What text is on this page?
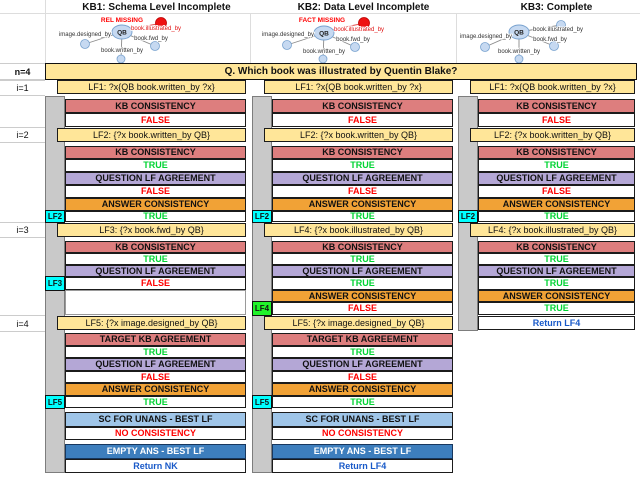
KB1: Schema Level Incomplete	KB2: Data Level Incomplete	KB3: Complete
QB
REL MISSING
book.illustrated_by
image.designed_by
book.fwd_by
book.written_by
QB
FACT MISSING
book.illustrated_by
image.designed_by
book.fwd_by
book.written_by
QB book.illustrated_by
book.fwd_by
book.written_by
image.designed_by
Q. Which book was illustrated by Quentin Blake?
n=4
i=1
i=2
i=3
i=4
LF1: ?x{QB book.written_by ?x}
KB CONSISTENCY
FALSE
LF2: {?x book.written_by QB}
KB CONSISTENCY
TRUE
QUESTION LF AGREEMENT
FALSE
ANSWER CONSISTENCY
TRUE
LF2
LF3: {?x book.fwd_by QB}
KB CONSISTENCY
TRUE
QUESTION LF AGREEMENT
FALSE
LF3
LF5: {?x image.designed_by QB}
TARGET KB AGREEMENT
TRUE
QUESTION LF AGREEMENT
FALSE
ANSWER CONSISTENCY
TRUE
LF5
SC FOR UNANS - BEST LF
NO CONSISTENCY
EMPTY ANS - BEST LF
Return NK
LF1: ?x{QB book.written_by ?x}
KB CONSISTENCY
FALSE
LF2: {?x book.written_by QB}
KB CONSISTENCY
TRUE
QUESTION LF AGREEMENT
FALSE
ANSWER CONSISTENCY
TRUE
LF2
LF4: {?x book.illustrated_by QB}
KB CONSISTENCY
TRUE
QUESTION LF AGREEMENT
TRUE
ANSWER CONSISTENCY
FALSE
LF4
LF5: {?x image.designed_by QB}
TARGET KB AGREEMENT
TRUE
QUESTION LF AGREEMENT
FALSE
ANSWER CONSISTENCY
TRUE
LF5
SC FOR UNANS - BEST LF
NO CONSISTENCY
EMPTY ANS - BEST LF
Return LF4
LF1: ?x{QB book.written_by ?x}
KB CONSISTENCY
FALSE
LF2: {?x book.written_by QB}
KB CONSISTENCY
TRUE
QUESTION LF AGREEMENT
FALSE
ANSWER CONSISTENCY
TRUE
LF2
LF4: {?x book.illustrated_by QB}
KB CONSISTENCY
TRUE
QUESTION LF AGREEMENT
TRUE
ANSWER CONSISTENCY
TRUE
Return LF4
